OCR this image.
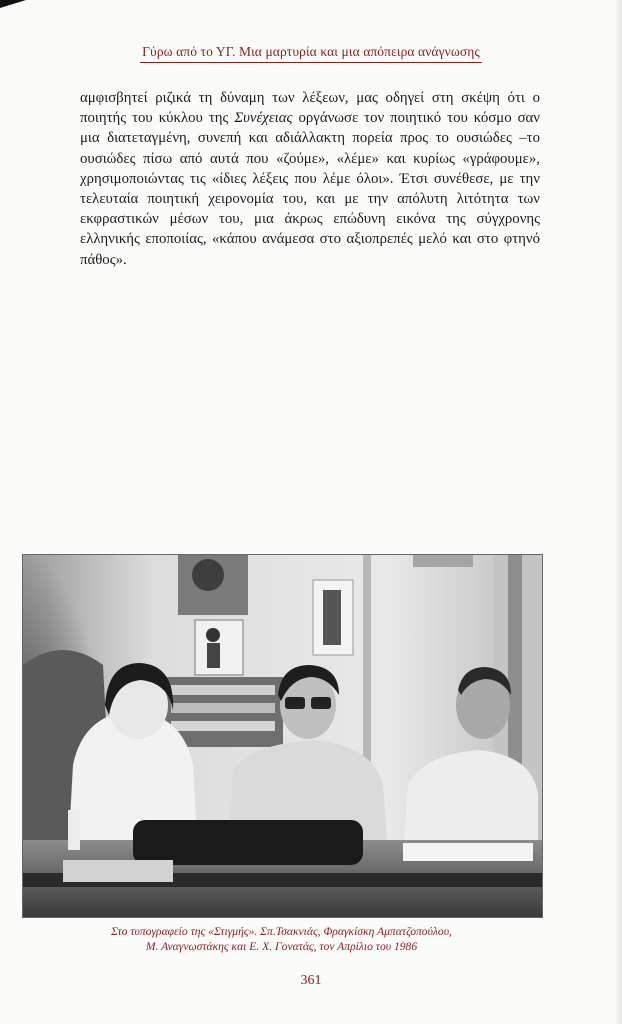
Γύρω από το ΥΓ. Μια μαρτυρία και μια απόπειρα ανάγνωσης

αμφισβητεί ριζικά τη δύναμη των λέξεων, μας οδηγεί στη σκέψη ότι ο ποιητής του κύκλου της Συνέχειας οργάνωσε τον ποιητικό του κόσμο σαν μια διατεταγμένη, συνεπή και αδιάλλακτη πορεία προς το ουσιώδες –το ουσιώδες πίσω από αυτά που «ζούμε», «λέμε» και κυρίως «γράφουμε», χρησιμοποιώντας τις «ίδιες λέξεις που λέμε όλοι». Έτσι συνέθεσε, με την τελευταία ποιητική χειρονομία του, και με την απόλυτη λιτότητα των εκφραστικών μέσων του, μια άκρως επώδυνη εικόνα της σύγχρονης ελληνικής εποποιίας, «κάπου ανάμεσα στο αξιοπρεπές μελό και στο φτηνό πάθος».

Στο τυπογραφείο της «Στιγμής». Σπ.Τσακνιάς, Φραγκίσκη Αμπατζοπούλου,
Μ. Αναγνωστάκης και Ε. Χ. Γονατάς, τον Απρίλιο του 1986
361
